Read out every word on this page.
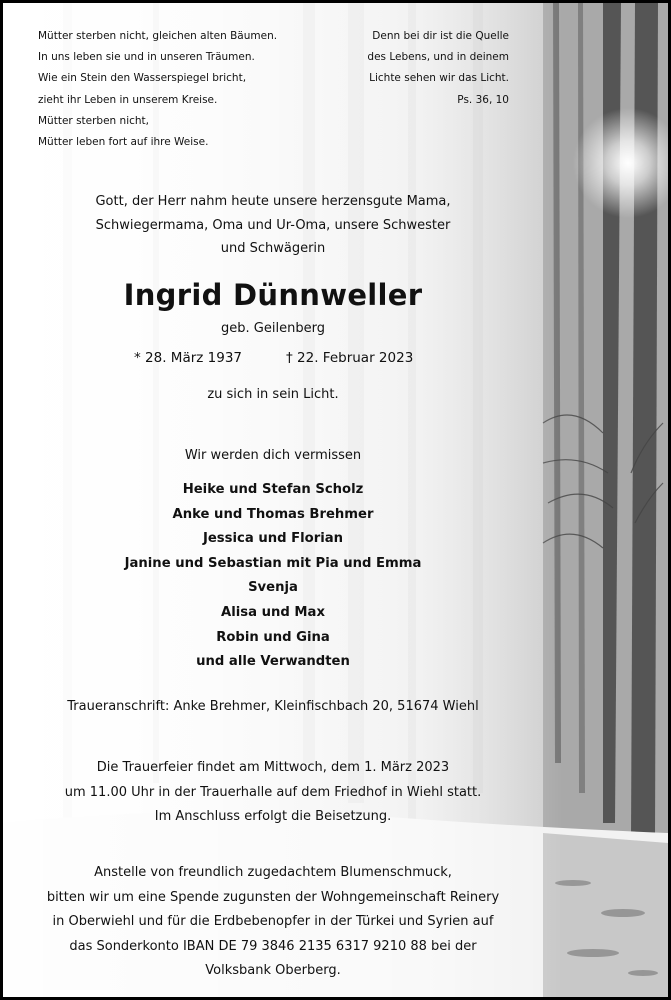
Mütter sterben nicht, gleichen alten Bäumen.
In uns leben sie und in unseren Träumen.
Wie ein Stein den Wasserspiegel bricht,
zieht ihr Leben in unserem Kreise.
Mütter sterben nicht,
Mütter leben fort auf ihre Weise.
Denn bei dir ist die Quelle
des Lebens, und in deinem
Lichte sehen wir das Licht.
Ps. 36, 10
Gott, der Herr nahm heute unsere herzensgute Mama,
Schwiegermama, Oma und Ur-Oma, unsere Schwester
und Schwägerin
Ingrid Dünnweller
geb. Geilenberg
* 28. März 1937	† 22. Februar 2023
zu sich in sein Licht.
Wir werden dich vermissen
Heike und Stefan Scholz
Anke und Thomas Brehmer
Jessica und Florian
Janine und Sebastian mit Pia und Emma
Svenja
Alisa und Max
Robin und Gina
und alle Verwandten
Traueranschrift: Anke Brehmer, Kleinfischbach 20, 51674 Wiehl
Die Trauerfeier findet am Mittwoch, dem 1. März 2023
um 11.00 Uhr in der Trauerhalle auf dem Friedhof in Wiehl statt.
Im Anschluss erfolgt die Beisetzung.
Anstelle von freundlich zugedachtem Blumenschmuck,
bitten wir um eine Spende zugunsten der Wohngemeinschaft Reinery
in Oberwiehl und für die Erdbebenopfer in der Türkei und Syrien auf
das Sonderkonto IBAN DE 79 3846 2135 6317 9210 88 bei der
Volksbank Oberberg.
